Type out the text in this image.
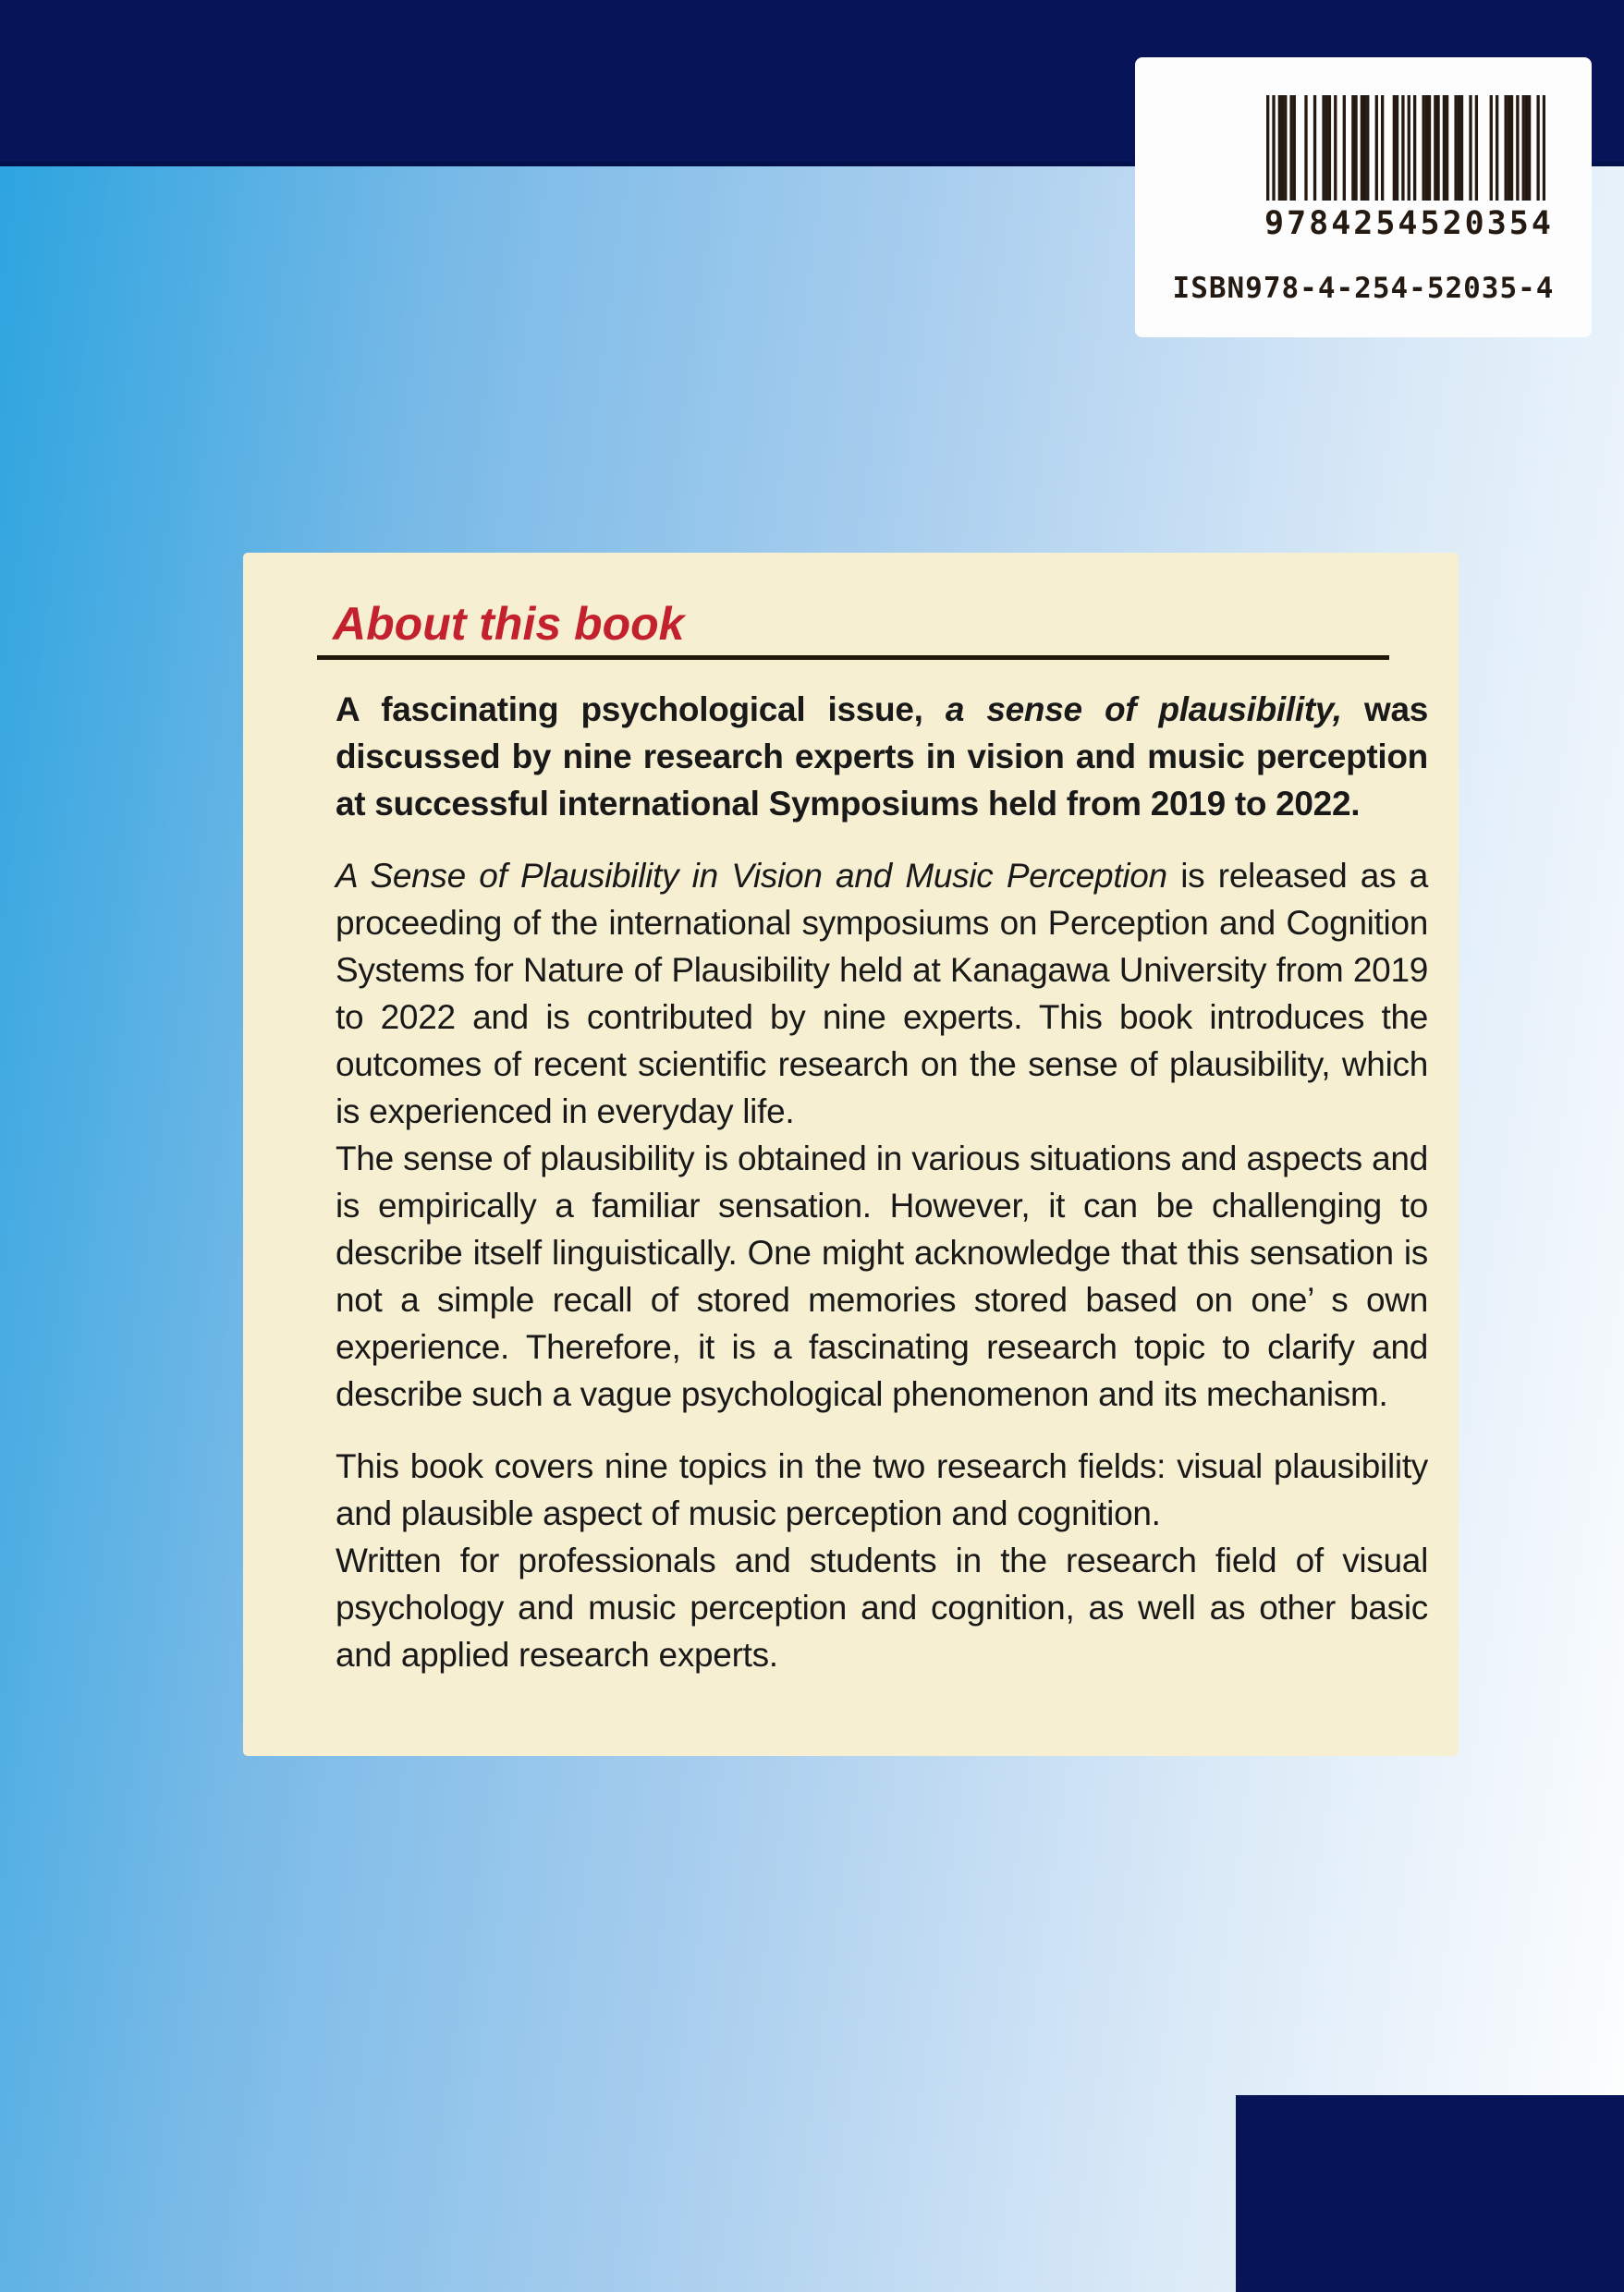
9784254520354
ISBN978-4-254-52035-4
About this book

A fascinating psychological issue, a sense of plausibility, was discussed by nine research experts in vision and music perception at successful international Symposiums held from 2019 to 2022.

A Sense of Plausibility in Vision and Music Perception is released as a proceeding of the international symposiums on Perception and Cognition Systems for Nature of Plausibility held at Kanagawa University from 2019 to 2022 and is contributed by nine experts. This book introduces the outcomes of recent scientific research on the sense of plausibility, which is experienced in everyday life.

The sense of plausibility is obtained in various situations and aspects and is empirically a familiar sensation. However, it can be challenging to describe itself linguistically. One might acknowledge that this sensation is not a simple recall of stored memories stored based on one’ s own experience. Therefore, it is a fascinating research topic to clarify and describe such a vague psychological phenomenon and its mechanism.

This book covers nine topics in the two research fields: visual plausibility and plausible aspect of music perception and cognition.

Written for professionals and students in the research field of visual psychology and music perception and cognition, as well as other basic and applied research experts.
